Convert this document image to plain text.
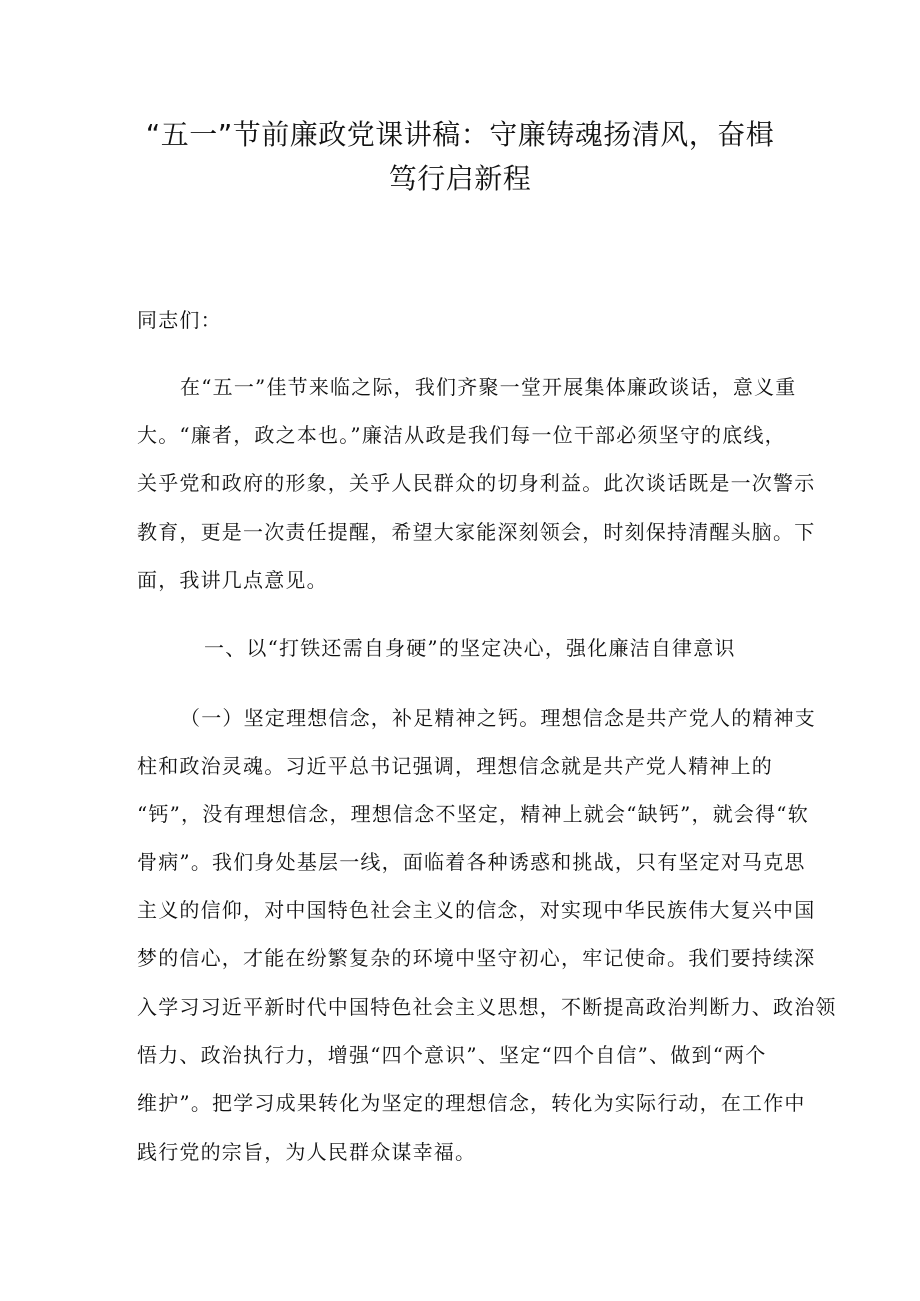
“五一”节前廉政党课讲稿：守廉铸魂扬清风，奋楫
笃行启新程
同志们：
在“五一”佳节来临之际，我们齐聚一堂开展集体廉政谈话，意义重
大。“廉者，政之本也。”廉洁从政是我们每一位干部必须坚守的底线，
关乎党和政府的形象，关乎人民群众的切身利益。此次谈话既是一次警示
教育，更是一次责任提醒，希望大家能深刻领会，时刻保持清醒头脑。下
面，我讲几点意见。
一、以“打铁还需自身硬”的坚定决心，强化廉洁自律意识
（一）坚定理想信念，补足精神之钙。理想信念是共产党人的精神支
柱和政治灵魂。习近平总书记强调，理想信念就是共产党人精神上的
“钙”，没有理想信念，理想信念不坚定，精神上就会“缺钙”，就会得“软
骨病”。我们身处基层一线，面临着各种诱惑和挑战，只有坚定对马克思
主义的信仰，对中国特色社会主义的信念，对实现中华民族伟大复兴中国
梦的信心，才能在纷繁复杂的环境中坚守初心，牢记使命。我们要持续深
入学习习近平新时代中国特色社会主义思想，不断提高政治判断力、政治领
悟力、政治执行力，增强“四个意识”、坚定“四个自信”、做到“两个
维护”。把学习成果转化为坚定的理想信念，转化为实际行动，在工作中
践行党的宗旨，为人民群众谋幸福。
